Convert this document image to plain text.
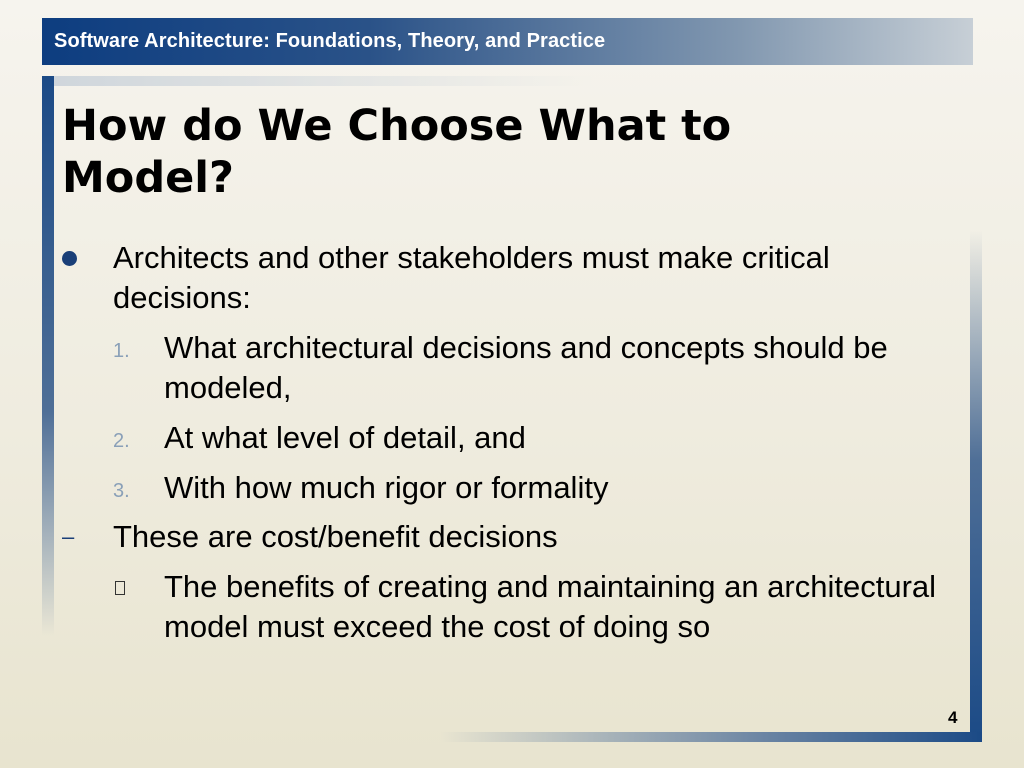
Software Architecture: Foundations, Theory, and Practice
How do We Choose What to Model?
Architects and other stakeholders must make critical decisions:
1. What architectural decisions and concepts should be modeled,
2. At what level of detail, and
3. With how much rigor or formality
– These are cost/benefit decisions
The benefits of creating and maintaining an architectural model must exceed the cost of doing so
4
